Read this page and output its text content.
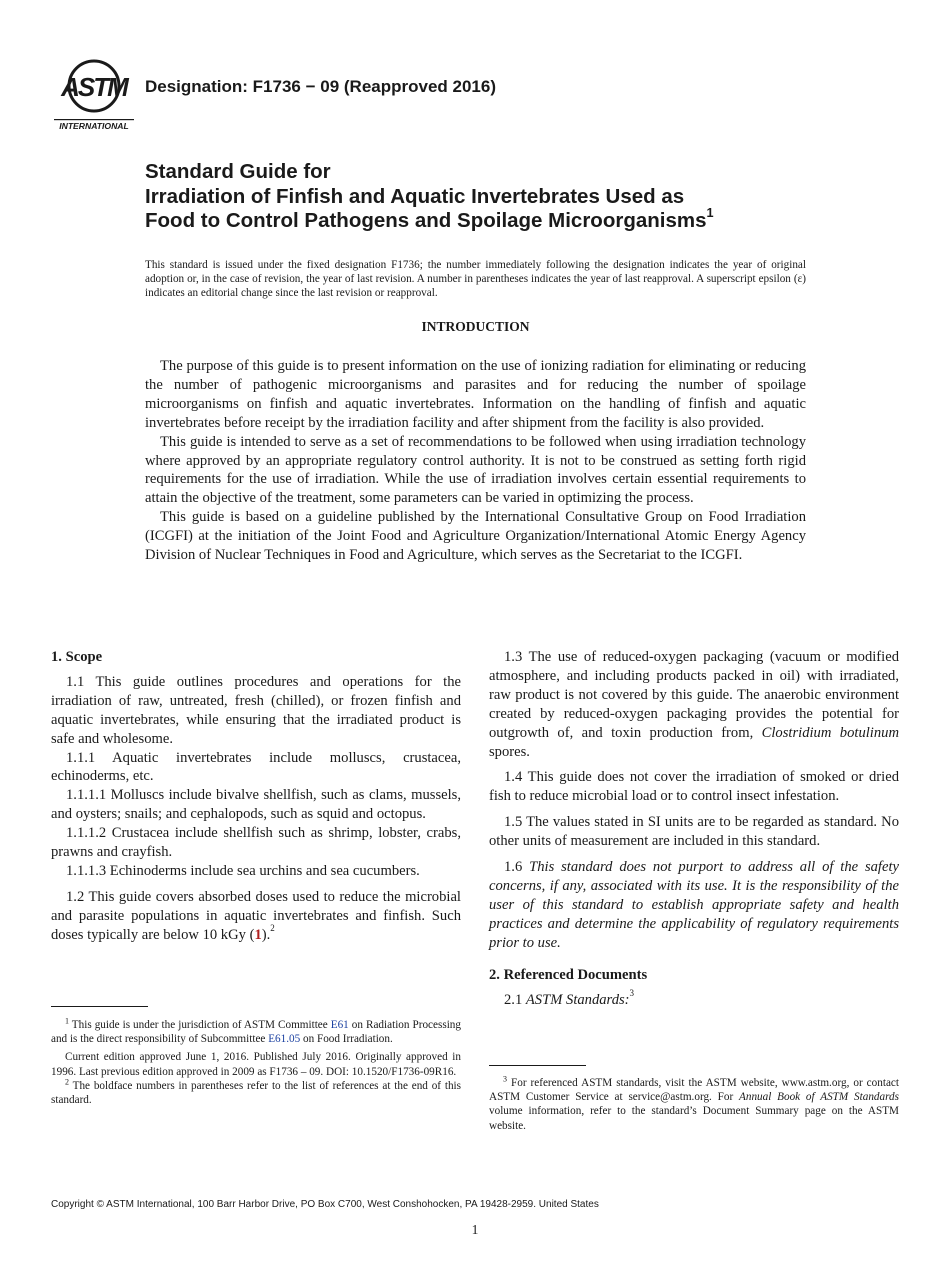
ASTM
INTERNATIONAL
Designation: F1736 − 09 (Reapproved 2016)
Standard Guide for
Irradiation of Finfish and Aquatic Invertebrates Used as
Food to Control Pathogens and Spoilage Microorganisms$^1$
This standard is issued under the fixed designation F1736; the number immediately following the designation indicates the year of original adoption or, in the case of revision, the year of last revision. A number in parentheses indicates the year of last reapproval. A superscript epsilon (ε) indicates an editorial change since the last revision or reapproval.
INTRODUCTION

The purpose of this guide is to present information on the use of ionizing radiation for eliminating or reducing the number of pathogenic microorganisms and parasites and for reducing the number of spoilage microorganisms on finfish and aquatic invertebrates. Information on the handling of finfish and aquatic invertebrates before receipt by the irradiation facility and after shipment from the facility is also provided.

This guide is intended to serve as a set of recommendations to be followed when using irradiation technology where approved by an appropriate regulatory control authority. It is not to be construed as setting forth rigid requirements for the use of irradiation. While the use of irradiation involves certain essential requirements to attain the objective of the treatment, some parameters can be varied in optimizing the process.

This guide is based on a guideline published by the International Consultative Group on Food Irradiation (ICGFI) at the initiation of the Joint Food and Agriculture Organization/International Atomic Energy Agency Division of Nuclear Techniques in Food and Agriculture, which serves as the Secretariat to the ICGFI.

1. Scope

1.1 This guide outlines procedures and operations for the irradiation of raw, untreated, fresh (chilled), or frozen finfish and aquatic invertebrates, while ensuring that the irradiated product is safe and wholesome.

1.1.1 Aquatic invertebrates include molluscs, crustacea, echinoderms, etc.

1.1.1.1 Molluscs include bivalve shellfish, such as clams, mussels, and oysters; snails; and cephalopods, such as squid and octopus.

1.1.1.2 Crustacea include shellfish such as shrimp, lobster, crabs, prawns and crayfish.

1.1.1.3 Echinoderms include sea urchins and sea cucumbers.

1.2 This guide covers absorbed doses used to reduce the microbial and parasite populations in aquatic invertebrates and finfish. Such doses typically are below 10 kGy (1).$^2$

1.3 The use of reduced-oxygen packaging (vacuum or modified atmosphere, and including products packed in oil) with irradiated, raw product is not covered by this guide. The anaerobic environment created by reduced-oxygen packaging provides the potential for outgrowth of, and toxin production from, Clostridium botulinum spores.

1.4 This guide does not cover the irradiation of smoked or dried fish to reduce microbial load or to control insect infestation.

1.5 The values stated in SI units are to be regarded as standard. No other units of measurement are included in this standard.

1.6 This standard does not purport to address all of the safety concerns, if any, associated with its use. It is the responsibility of the user of this standard to establish appropriate safety and health practices and determine the applicability of regulatory requirements prior to use.

2. Referenced Documents

2.1 ASTM Standards:$^3$

$^1$ This guide is under the jurisdiction of ASTM Committee E61 on Radiation Processing and is the direct responsibility of Subcommittee E61.05 on Food Irradiation.

Current edition approved June 1, 2016. Published July 2016. Originally approved in 1996. Last previous edition approved in 2009 as F1736 – 09. DOI: 10.1520/F1736-09R16.

$^2$ The boldface numbers in parentheses refer to the list of references at the end of this standard.

$^3$ For referenced ASTM standards, visit the ASTM website, www.astm.org, or contact ASTM Customer Service at service@astm.org. For Annual Book of ASTM Standards volume information, refer to the standard’s Document Summary page on the ASTM website.

Copyright © ASTM International, 100 Barr Harbor Drive, PO Box C700, West Conshohocken, PA 19428-2959. United States
1
